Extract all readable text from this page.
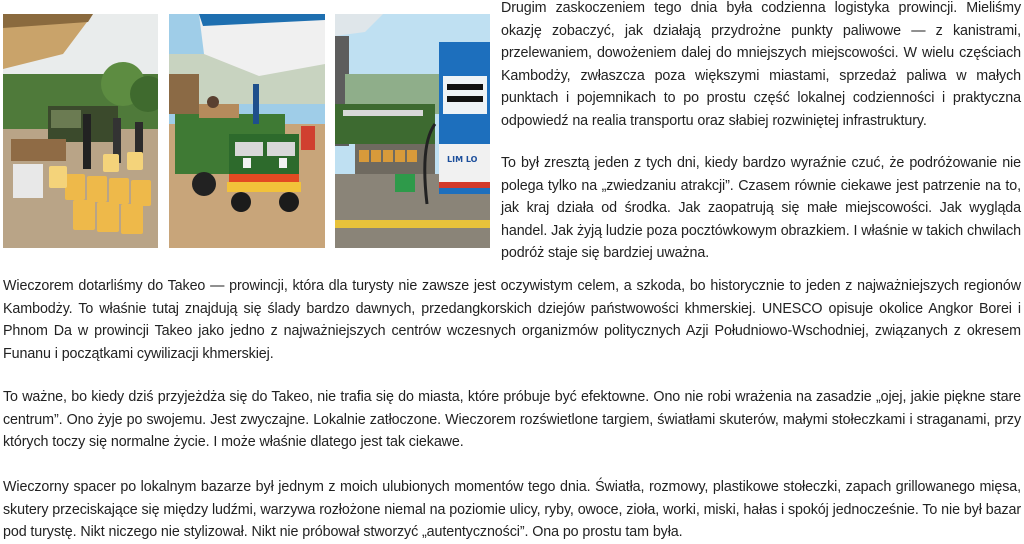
LIM LO

Drugim zaskoczeniem tego dnia była codzienna logistyka prowincji. Mieliśmy okazję zobaczyć, jak działają przydrożne punkty paliwowe — z kanistrami, przelewaniem, dowożeniem dalej do mniejszych miejscowości. W wielu częściach Kambodży, zwłaszcza poza większymi miastami, sprzedaż paliwa w małych punktach i pojemnikach to po prostu część lokalnej codzienności i praktyczna odpowiedź na realia transportu oraz słabiej rozwiniętej infrastruktury.

To był zresztą jeden z tych dni, kiedy bardzo wyraźnie czuć, że podróżowanie nie polega tylko na „zwiedzaniu atrakcji”. Czasem równie ciekawe jest patrzenie na to, jak kraj działa od środka. Jak zaopatrują się małe miejscowości. Jak wygląda handel. Jak żyją ludzie poza pocztówkowym obrazkiem. I właśnie w takich chwilach podróż staje się bardziej uważna.

Wieczorem dotarliśmy do Takeo — prowincji, która dla turysty nie zawsze jest oczywistym celem, a szkoda, bo historycznie to jeden z najważniejszych regionów Kambodży. To właśnie tutaj znajdują się ślady bardzo dawnych, przedangkorskich dziejów państwowości khmerskiej. UNESCO opisuje okolice Angkor Borei i Phnom Da w prowincji Takeo jako jedno z najważniejszych centrów wczesnych organizmów politycznych Azji Południowo-Wschodniej, związanych z okresem Funanu i początkami cywilizacji khmerskiej.

To ważne, bo kiedy dziś przyjeżdża się do Takeo, nie trafia się do miasta, które próbuje być efektowne. Ono nie robi wrażenia na zasadzie „ojej, jakie piękne stare centrum”. Ono żyje po swojemu. Jest zwyczajne. Lokalnie zatłoczone. Wieczorem rozświetlone targiem, światłami skuterów, małymi stołeczkami i straganami, przy których toczy się normalne życie. I może właśnie dlatego jest tak ciekawe.

Wieczorny spacer po lokalnym bazarze był jednym z moich ulubionych momentów tego dnia. Światła, rozmowy, plastikowe stołeczki, zapach grillowanego mięsa, skutery przeciskające się między ludźmi, warzywa rozłożone niemal na poziomie ulicy, ryby, owoce, zioła, worki, miski, hałas i spokój jednocześnie. To nie był bazar pod turystę. Nikt niczego nie stylizował. Nikt nie próbował stworzyć „autentyczności”. Ona po prostu tam była.
